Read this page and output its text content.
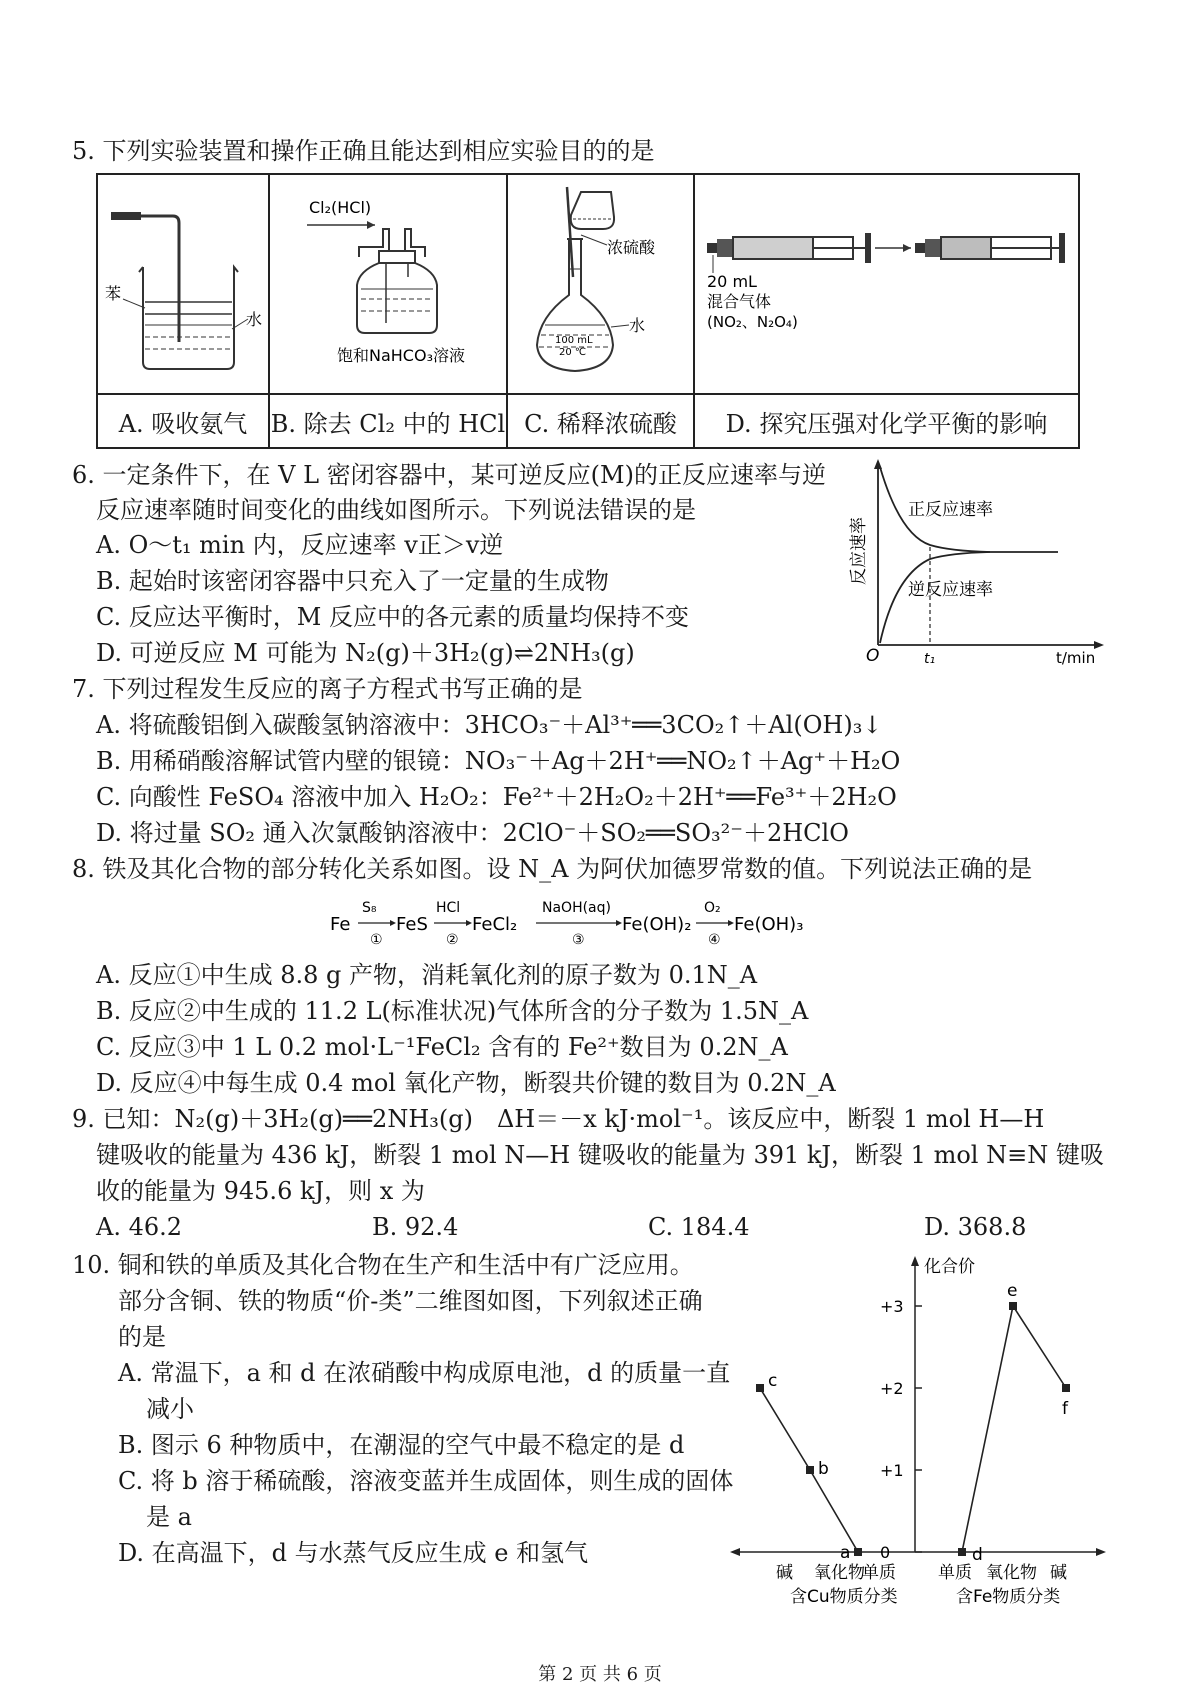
5. 下列实验装置和操作正确且能达到相应实验目的的是
苯
水	Cl₂(HCl)
饱和NaHCO₃溶液	浓硫酸
水
100 mL
20 ℃	20 mL
混合气体
(NO₂、N₂O₄)

A. 吸收氨气	B. 除去 Cl₂ 中的 HCl	C. 稀释浓硫酸	D. 探究压强对化学平衡的影响
6. 一定条件下，在 V L 密闭容器中，某可逆反应(M)的正反应速率与逆
反应速率随时间变化的曲线如图所示。下列说法错误的是
A. O～t₁ min 内，反应速率 v正＞v逆
B. 起始时该密闭容器中只充入了一定量的生成物
C. 反应达平衡时，M 反应中的各元素的质量均保持不变
D. 可逆反应 M 可能为 N₂(g)＋3H₂(g)⇌2NH₃(g)
正反应速率
逆反应速率
O	t₁	t/min
反应速率
7. 下列过程发生反应的离子方程式书写正确的是
A. 将硫酸铝倒入碳酸氢钠溶液中：3HCO₃⁻＋Al³⁺══3CO₂↑＋Al(OH)₃↓
B. 用稀硝酸溶解试管内壁的银镜：NO₃⁻＋Ag＋2H⁺══NO₂↑＋Ag⁺＋H₂O
C. 向酸性 FeSO₄ 溶液中加入 H₂O₂：Fe²⁺＋2H₂O₂＋2H⁺══Fe³⁺＋2H₂O
D. 将过量 SO₂ 通入次氯酸钠溶液中：2ClO⁻＋SO₂══SO₃²⁻＋2HClO
8. 铁及其化合物的部分转化关系如图。设 N_A 为阿伏加德罗常数的值。下列说法正确的是
Fe
S₈
①
FeS
HCl
②
FeCl₂
NaOH(aq)
③
Fe(OH)₂
O₂
④
Fe(OH)₃
A. 反应①中生成 8.8 g 产物，消耗氧化剂的原子数为 0.1N_A
B. 反应②中生成的 11.2 L(标准状况)气体所含的分子数为 1.5N_A
C. 反应③中 1 L 0.2 mol·L⁻¹FeCl₂ 含有的 Fe²⁺数目为 0.2N_A
D. 反应④中每生成 0.4 mol 氧化产物，断裂共价键的数目为 0.2N_A
9. 已知：N₂(g)＋3H₂(g)══2NH₃(g)　ΔH＝－x kJ·mol⁻¹。该反应中，断裂 1 mol H—H
键吸收的能量为 436 kJ，断裂 1 mol N—H 键吸收的能量为 391 kJ，断裂 1 mol N≡N 键吸
收的能量为 945.6 kJ，则 x 为
A. 46.2	B. 92.4	C. 184.4	D. 368.8
10. 铜和铁的单质及其化合物在生产和生活中有广泛应用。
部分含铜、铁的物质“价-类”二维图如图，下列叙述正确
的是
A. 常温下，a 和 d 在浓硝酸中构成原电池，d 的质量一直
减小
B. 图示 6 种物质中，在潮湿的空气中最不稳定的是 d
C. 将 b 溶于稀硫酸，溶液变蓝并生成固体，则生成的固体
是 a
D. 在高温下，d 与水蒸气反应生成 e 和氢气
化合价
+3
+2
+1
0
c
b
a	d
e
f
碱 氧化物
单质 单质 氧化物 碱
含Cu物质分类	含Fe物质分类
第 2 页 共 6 页
